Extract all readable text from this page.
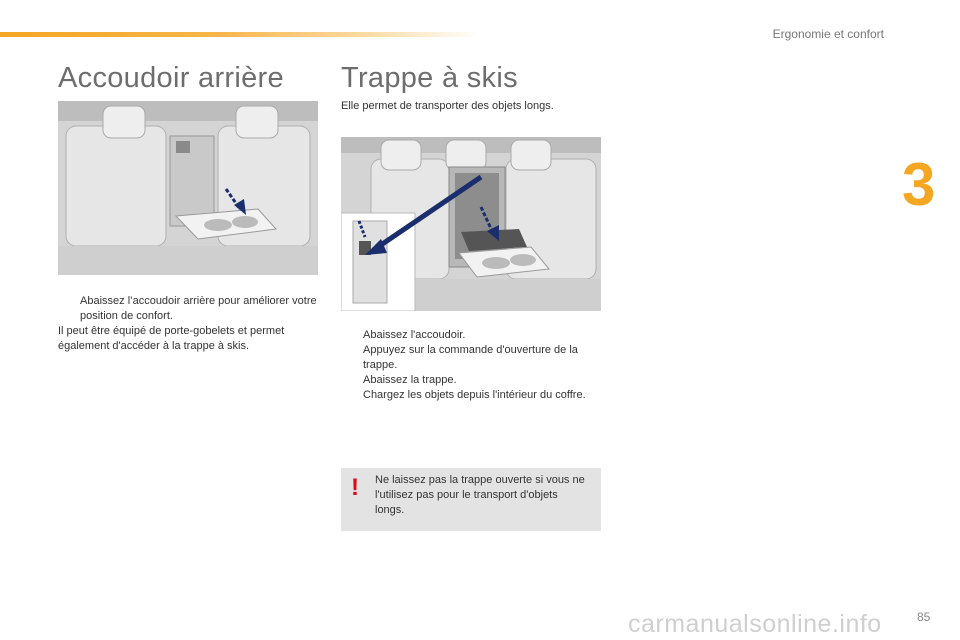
Ergonomie et confort
3
Accoudoir arrière
Abaissez l’accoudoir arrière pour améliorer votre position de confort.
Il peut être équipé de porte-gobelets et permet également d'accéder à la trappe à skis.
Trappe à skis
Elle permet de transporter des objets longs.
Abaissez l'accoudoir.
Appuyez sur la commande d'ouverture de la trappe.
Abaissez la trappe.
Chargez les objets depuis l'intérieur du coffre.
! Ne laissez pas la trappe ouverte si vous ne l'utilisez pas pour le transport d'objets longs.
carmanualsonline.info	85
